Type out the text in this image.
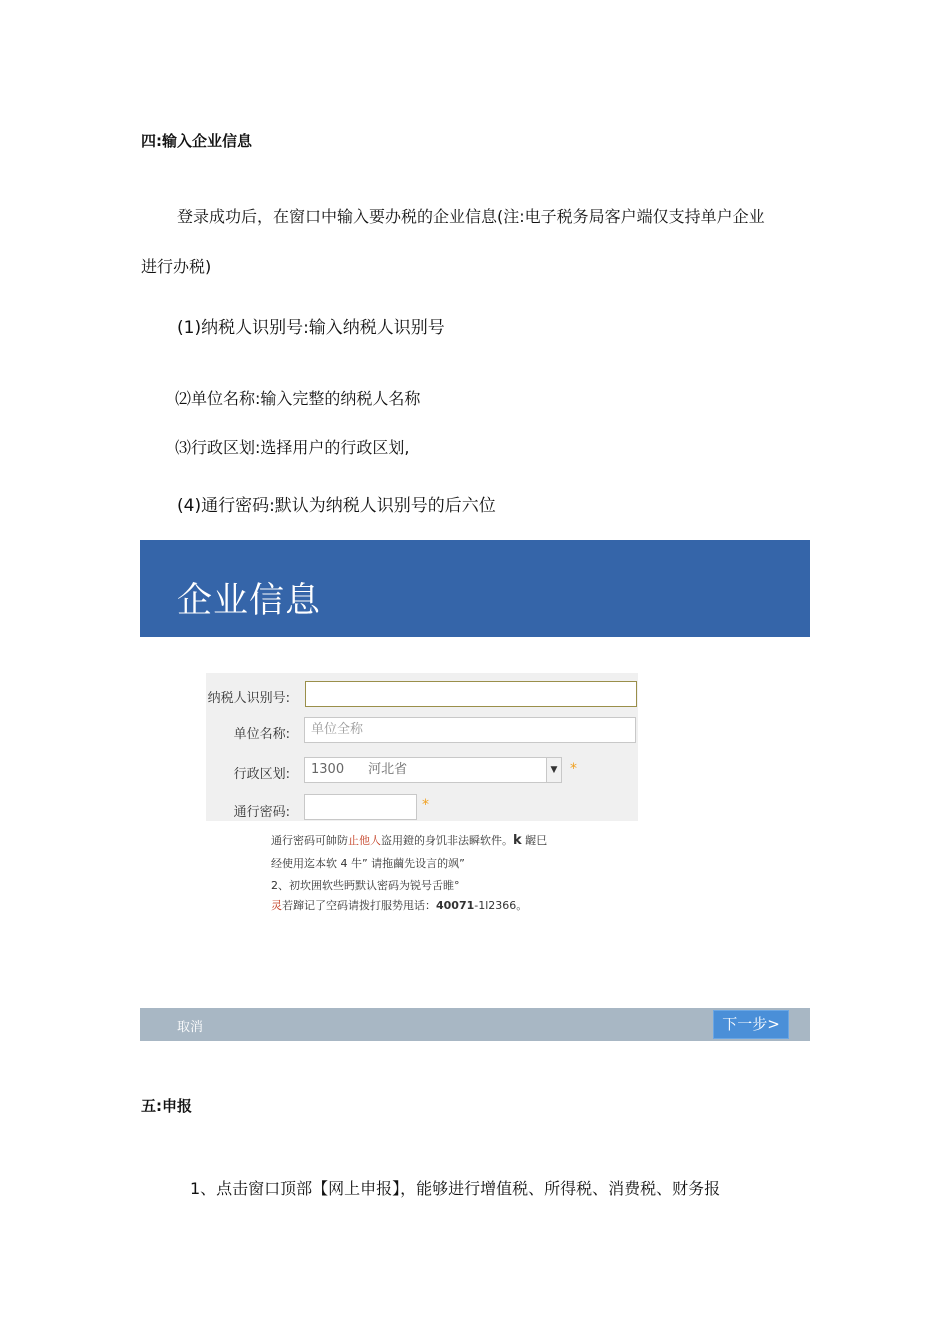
四:输入企业信息
登录成功后，在窗口中输入要办税的企业信息(注:电子税务局客户端仅支持单户企业
进行办税)
(1)纳税人识别号:输入纳税人识别号
⑵单位名称:输入完整的纳税人名称
⑶行政区划:选择用户的行政区划,
(4)通行密码:默认为纳税人识别号的后六位
企业信息
纳税人识别号:
单位名称:	单位全称
行政区划:	1300 河北省	▼ *
通行密码:	*
通行密码可帥防止他人盗用鐙的身饥非法瞬软件。k 龌巳
经使用迄本软 4 牛” 请拖繭先设言的飒”
2、初坎囲软些眄默认密码为锐号舌睢°
灵若蹿记了空码请拨打服势甩话：40071-1l2366。
取消	下一步>
五:申报
1、点击窗口顶部【网上申报】，能够进行增值税、所得税、消费税、财务报
